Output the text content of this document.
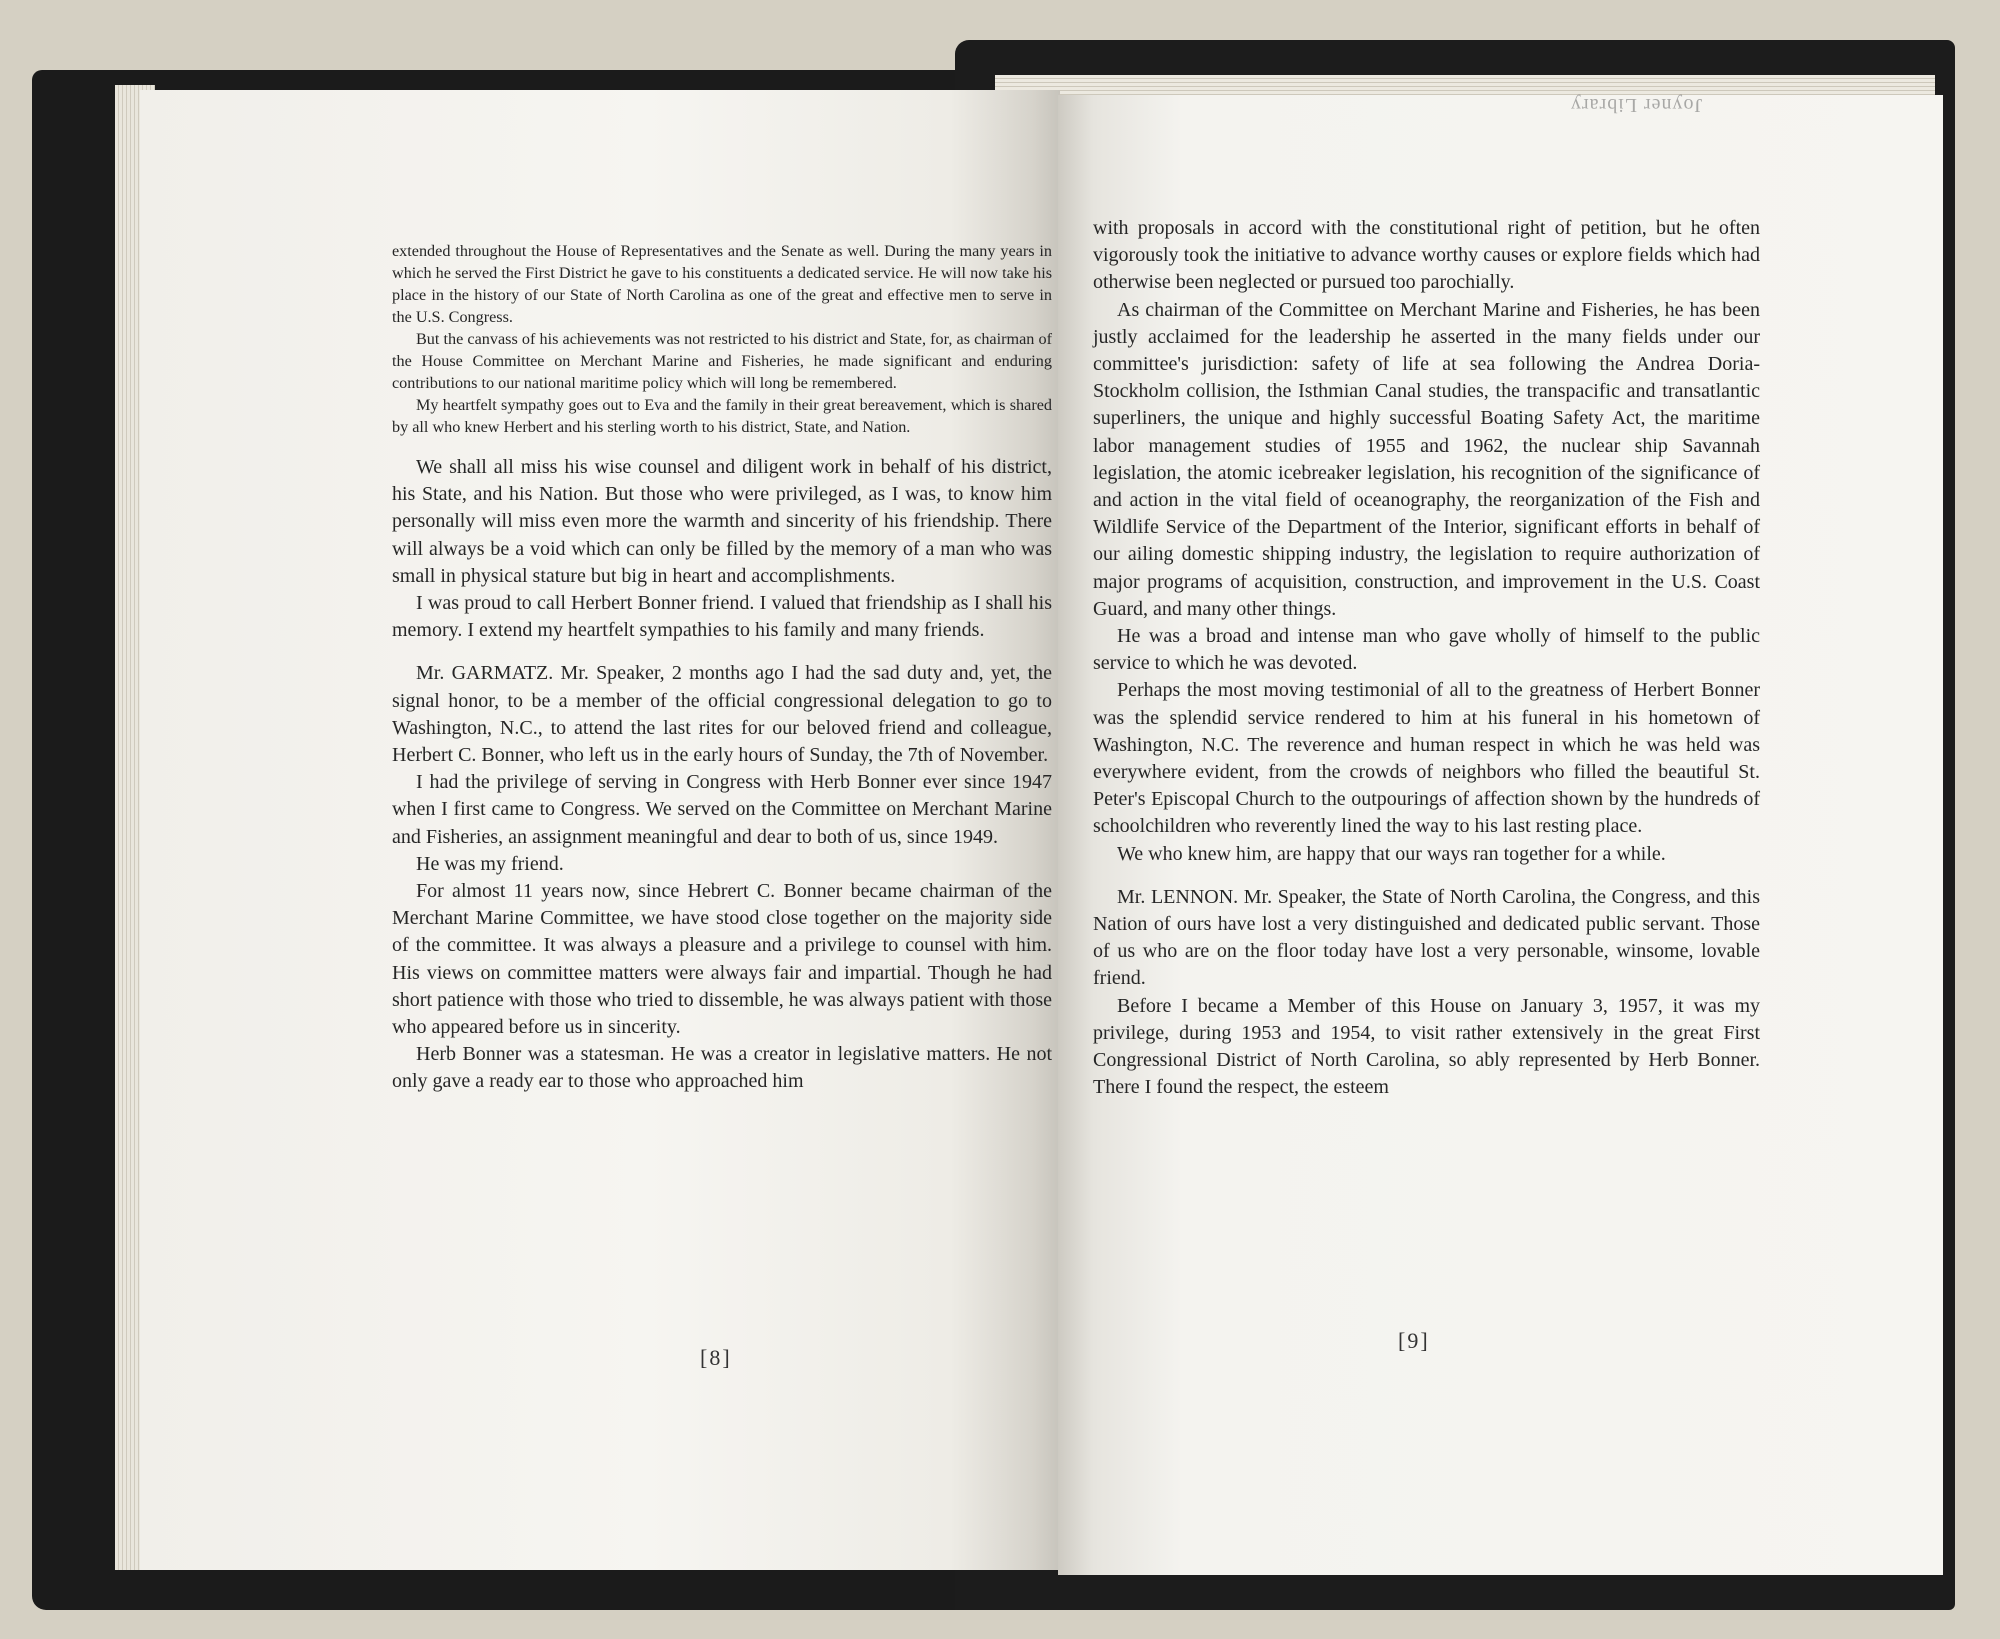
Joyner Library

extended throughout the House of Representatives and the Senate as well. During the many years in which he served the First District he gave to his constituents a dedicated service. He will now take his place in the history of our State of North Carolina as one of the great and effective men to serve in the U.S. Congress.

But the canvass of his achievements was not restricted to his district and State, for, as chairman of the House Committee on Merchant Marine and Fisheries, he made significant and enduring contributions to our national maritime policy which will long be remembered.

My heartfelt sympathy goes out to Eva and the family in their great bereavement, which is shared by all who knew Herbert and his sterling worth to his district, State, and Nation.

We shall all miss his wise counsel and diligent work in behalf of his district, his State, and his Nation. But those who were privileged, as I was, to know him personally will miss even more the warmth and sincerity of his friendship. There will always be a void which can only be filled by the memory of a man who was small in physical stature but big in heart and accomplishments.

I was proud to call Herbert Bonner friend. I valued that friendship as I shall his memory. I extend my heartfelt sympathies to his family and many friends.

Mr. GARMATZ. Mr. Speaker, 2 months ago I had the sad duty and, yet, the signal honor, to be a member of the official congressional delegation to go to Washington, N.C., to attend the last rites for our beloved friend and colleague, Herbert C. Bonner, who left us in the early hours of Sunday, the 7th of November.

I had the privilege of serving in Congress with Herb Bonner ever since 1947 when I first came to Congress. We served on the Committee on Merchant Marine and Fisheries, an assignment meaningful and dear to both of us, since 1949.

He was my friend.

For almost 11 years now, since Hebrert C. Bonner became chairman of the Merchant Marine Committee, we have stood close together on the majority side of the committee. It was always a pleasure and a privilege to counsel with him. His views on committee matters were always fair and impartial. Though he had short patience with those who tried to dissemble, he was always patient with those who appeared before us in sincerity.

Herb Bonner was a statesman. He was a creator in legislative matters. He not only gave a ready ear to those who approached him

[8]

with proposals in accord with the constitutional right of petition, but he often vigorously took the initiative to advance worthy causes or explore fields which had otherwise been neglected or pursued too parochially.

As chairman of the Committee on Merchant Marine and Fisheries, he has been justly acclaimed for the leadership he asserted in the many fields under our committee's jurisdiction: safety of life at sea following the Andrea Doria-Stockholm collision, the Isthmian Canal studies, the transpacific and transatlantic superliners, the unique and highly successful Boating Safety Act, the maritime labor management studies of 1955 and 1962, the nuclear ship Savannah legislation, the atomic icebreaker legislation, his recognition of the significance of and action in the vital field of oceanography, the reorganization of the Fish and Wildlife Service of the Department of the Interior, significant efforts in behalf of our ailing domestic shipping industry, the legislation to require authorization of major programs of acquisition, construction, and improvement in the U.S. Coast Guard, and many other things.

He was a broad and intense man who gave wholly of himself to the public service to which he was devoted.

Perhaps the most moving testimonial of all to the greatness of Herbert Bonner was the splendid service rendered to him at his funeral in his hometown of Washington, N.C. The reverence and human respect in which he was held was everywhere evident, from the crowds of neighbors who filled the beautiful St. Peter's Episcopal Church to the outpourings of affection shown by the hundreds of schoolchildren who reverently lined the way to his last resting place.

We who knew him, are happy that our ways ran together for a while.

Mr. LENNON. Mr. Speaker, the State of North Carolina, the Congress, and this Nation of ours have lost a very distinguished and dedicated public servant. Those of us who are on the floor today have lost a very personable, winsome, lovable friend.

Before I became a Member of this House on January 3, 1957, it was my privilege, during 1953 and 1954, to visit rather extensively in the great First Congressional District of North Carolina, so ably represented by Herb Bonner. There I found the respect, the esteem

[9]
